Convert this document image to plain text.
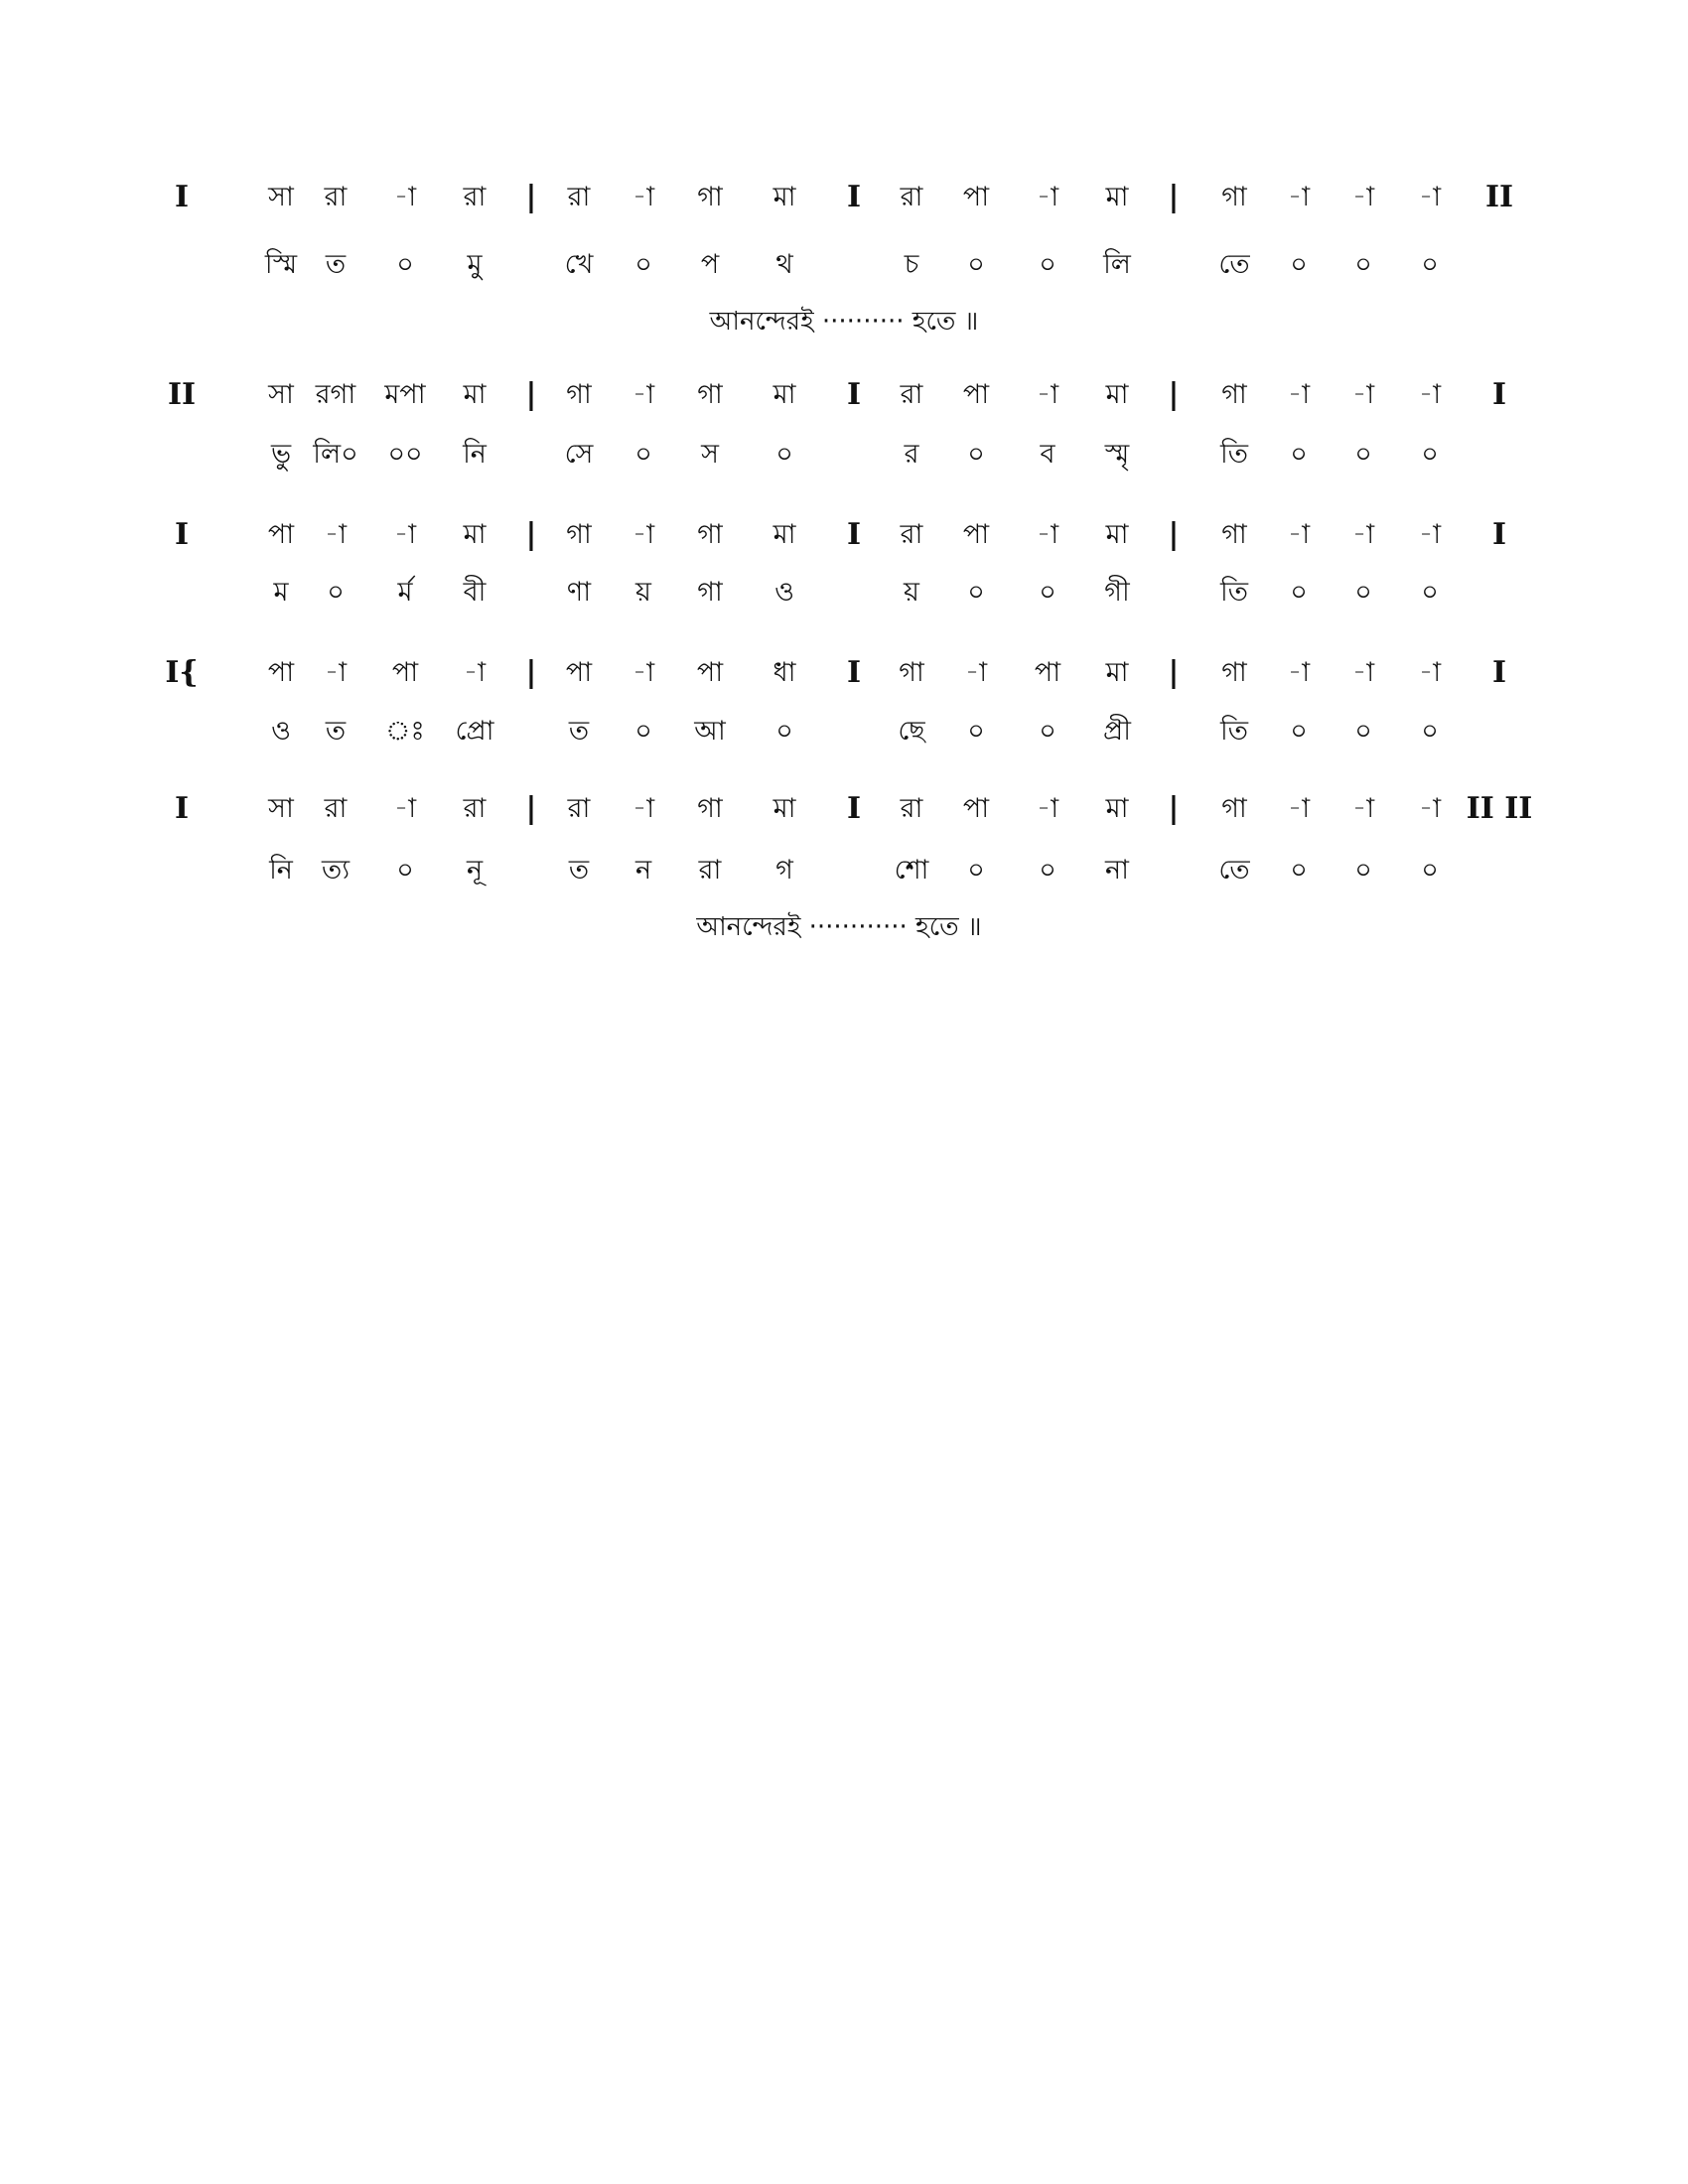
I	সা রা -া রা | রা -া গা মা I রা পা -া মা | গা -া -া -া II
স্মি ত ০ মু	খে ০ প থ	চ ০ ০ লি	তে ০ ০ ০
II	সা রগা মপা মা | গা -া গা মা I রা পা -া মা | গা -া -া -া I
ভু লি০ ০০ নি	সে ০ স ০	র ০ ব স্মৃ	তি ০ ০ ০
I	পা -া -া মা | গা -া গা মা I রা পা -া মা | গা -া -া -া I
ম ০ র্ম বী	ণা য় গা ও	য় ০ ০ গী	তি ০ ০ ০
I{	পা -া পা -া | পা -া পা ধা I গা -া পা মা | গা -া -া -া I
ও ত ঃ প্রো	ত ০ আ ০	ছে ০ ০ প্রী	তি ০ ০ ০
I	সা রা -া রা | রা -া গা মা I রা পা -া মা | গা -া -া -া II II
নি ত্য ০ নূ	ত ন রা গ	শো ০ ০ না	তে ০ ০ ০
আনন্দেরই ·········· হতে ॥
আনন্দেরই ············ হতে ॥
